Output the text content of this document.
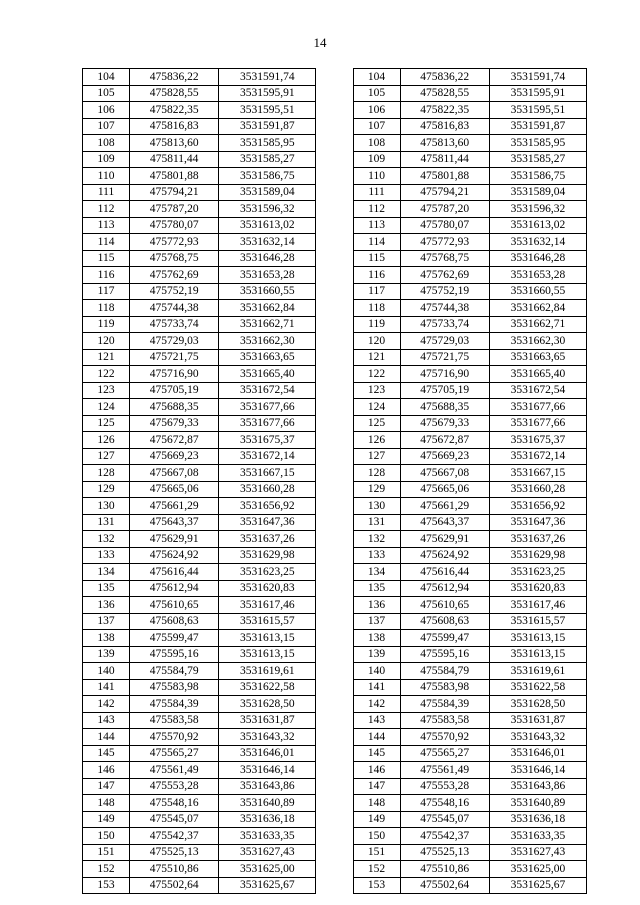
14
104	475836,22	3531591,74		104	475836,22	3531591,74
105	475828,55	3531595,91		105	475828,55	3531595,91
106	475822,35	3531595,51		106	475822,35	3531595,51
107	475816,83	3531591,87		107	475816,83	3531591,87
108	475813,60	3531585,95		108	475813,60	3531585,95
109	475811,44	3531585,27		109	475811,44	3531585,27
110	475801,88	3531586,75		110	475801,88	3531586,75
111	475794,21	3531589,04		111	475794,21	3531589,04
112	475787,20	3531596,32		112	475787,20	3531596,32
113	475780,07	3531613,02		113	475780,07	3531613,02
114	475772,93	3531632,14		114	475772,93	3531632,14
115	475768,75	3531646,28		115	475768,75	3531646,28
116	475762,69	3531653,28		116	475762,69	3531653,28
117	475752,19	3531660,55		117	475752,19	3531660,55
118	475744,38	3531662,84		118	475744,38	3531662,84
119	475733,74	3531662,71		119	475733,74	3531662,71
120	475729,03	3531662,30		120	475729,03	3531662,30
121	475721,75	3531663,65		121	475721,75	3531663,65
122	475716,90	3531665,40		122	475716,90	3531665,40
123	475705,19	3531672,54		123	475705,19	3531672,54
124	475688,35	3531677,66		124	475688,35	3531677,66
125	475679,33	3531677,66		125	475679,33	3531677,66
126	475672,87	3531675,37		126	475672,87	3531675,37
127	475669,23	3531672,14		127	475669,23	3531672,14
128	475667,08	3531667,15		128	475667,08	3531667,15
129	475665,06	3531660,28		129	475665,06	3531660,28
130	475661,29	3531656,92		130	475661,29	3531656,92
131	475643,37	3531647,36		131	475643,37	3531647,36
132	475629,91	3531637,26		132	475629,91	3531637,26
133	475624,92	3531629,98		133	475624,92	3531629,98
134	475616,44	3531623,25		134	475616,44	3531623,25
135	475612,94	3531620,83		135	475612,94	3531620,83
136	475610,65	3531617,46		136	475610,65	3531617,46
137	475608,63	3531615,57		137	475608,63	3531615,57
138	475599,47	3531613,15		138	475599,47	3531613,15
139	475595,16	3531613,15		139	475595,16	3531613,15
140	475584,79	3531619,61		140	475584,79	3531619,61
141	475583,98	3531622,58		141	475583,98	3531622,58
142	475584,39	3531628,50		142	475584,39	3531628,50
143	475583,58	3531631,87		143	475583,58	3531631,87
144	475570,92	3531643,32		144	475570,92	3531643,32
145	475565,27	3531646,01		145	475565,27	3531646,01
146	475561,49	3531646,14		146	475561,49	3531646,14
147	475553,28	3531643,86		147	475553,28	3531643,86
148	475548,16	3531640,89		148	475548,16	3531640,89
149	475545,07	3531636,18		149	475545,07	3531636,18
150	475542,37	3531633,35		150	475542,37	3531633,35
151	475525,13	3531627,43		151	475525,13	3531627,43
152	475510,86	3531625,00		152	475510,86	3531625,00
153	475502,64	3531625,67		153	475502,64	3531625,67
